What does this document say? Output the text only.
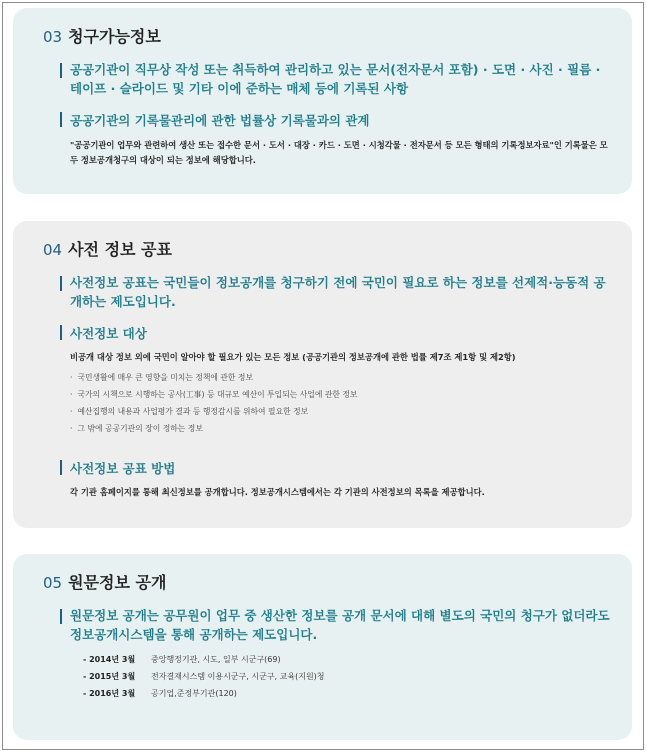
03 청구가능정보
공공기관이 직무상 작성 또는 취득하여 관리하고 있는 문서(전자문서 포함) · 도면 · 사진 · 필름 · 테이프 · 슬라이드 및 기타 이에 준하는 매체 등에 기록된 사항
공공기관의 기록물관리에 관한 법률상 기록물과의 관계
"공공기관이 업무와 관련하여 생산 또는 접수한 문서 · 도서 · 대장 · 카드 · 도면 · 시청각물 · 전자문서 등 모든 형태의 기록정보자료"인 기록물은 모두 정보공개청구의 대상이 되는 정보에 해당합니다.
04 사전 정보 공표
사전정보 공표는 국민들이 정보공개를 청구하기 전에 국민이 필요로 하는 정보를 선제적·능동적 공개하는 제도입니다.
사전정보 대상
비공개 대상 정보 외에 국민이 알아야 할 필요가 있는 모든 정보 (공공기관의 정보공개에 관한 법률 제7조 제1항 및 제2항)
· 국민생활에 매우 큰 영향을 미치는 정책에 관한 정보
· 국가의 시책으로 시행하는 공사(工事) 등 대규모 예산이 투입되는 사업에 관한 정보
· 예산집행의 내용과 사업평가 결과 등 행정감시를 위하여 필요한 정보
· 그 밖에 공공기관의 장이 정하는 정보
사전정보 공표 방법
각 기관 홈페이지를 통해 최신정보를 공개합니다. 정보공개시스템에서는 각 기관의 사전정보의 목록을 제공합니다.
05 원문정보 공개
원문정보 공개는 공무원이 업무 중 생산한 정보를 공개 문서에 대해 별도의 국민의 청구가 없더라도 정보공개시스템을 통해 공개하는 제도입니다.
- 2014년 3월 중앙행정기관, 시도, 일부 시군구(69)
- 2015년 3월 전자결재시스템 이용시군구, 시군구, 교육(지원)청
- 2016년 3월 공기업,준정부기관(120)
